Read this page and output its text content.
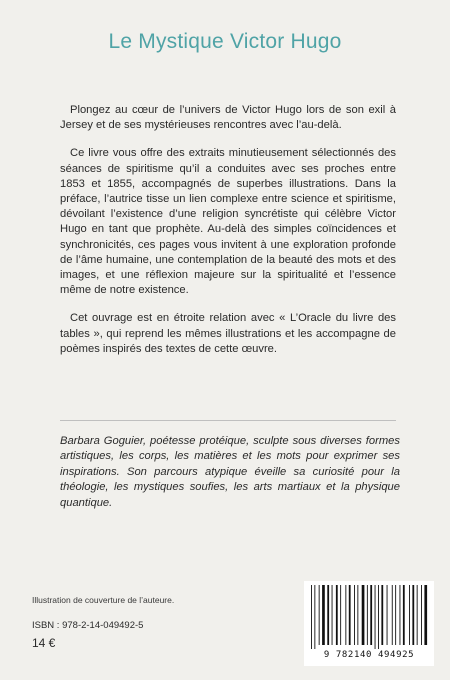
Le Mystique Victor Hugo

Plongez au cœur de l’univers de Victor Hugo lors de son exil à Jersey et de ses mystérieuses rencontres avec l’au-delà.

Ce livre vous offre des extraits minutieusement sélectionnés des séances de spiritisme qu’il a conduites avec ses proches entre 1853 et 1855, accompagnés de superbes illustrations. Dans la préface, l’autrice tisse un lien complexe entre science et spiritisme, dévoilant l’existence d’une religion syncrétiste qui célèbre Victor Hugo en tant que prophète. Au-delà des simples coïncidences et synchronicités, ces pages vous invitent à une exploration profonde de l’âme humaine, une contemplation de la beauté des mots et des images, et une réflexion majeure sur la spiritualité et l’essence même de notre existence.

Cet ouvrage est en étroite relation avec « L’Oracle du livre des tables », qui reprend les mêmes illustrations et les accompagne de poèmes inspirés des textes de cette œuvre.

Barbara Goguier, poétesse protéique, sculpte sous diverses formes artistiques, les corps, les matières et les mots pour exprimer ses inspirations. Son parcours atypique éveille sa curiosité pour la théologie, les mystiques soufies, les arts martiaux et la physique quantique.
Illustration de couverture de l’auteure.
ISBN : 978-2-14-049492-5
14 €
9 782140 494925
